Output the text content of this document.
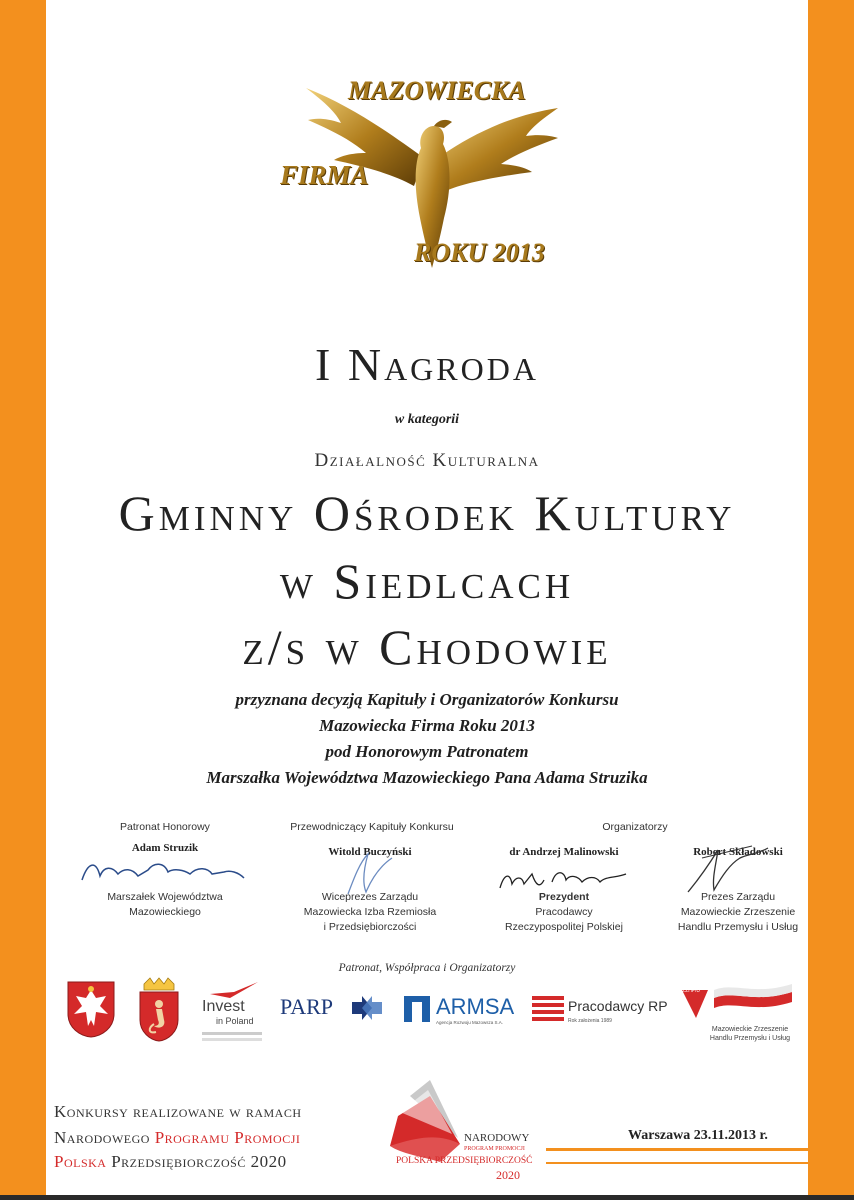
MAZOWIECKA
FIRMA
ROKU 2013
I Nagroda
w kategorii
Działalność Kulturalna
Gminny Ośrodek Kultury
w Siedlcach
z/s w Chodowie
przyznana decyzją Kapituły i Organizatorów Konkursu
Mazowiecka Firma Roku 2013
pod Honorowym Patronatem
Marszałka Województwa Mazowieckiego Pana Adama Struzika
Patronat Honorowy	Przewodniczący Kapituły Konkursu	Organizatorzy
Adam Struzik
Marszałek Województwa
Mazowieckiego
Witold Buczyński
Wiceprezes Zarządu
Mazowiecka Izba Rzemiosła
i Przedsiębiorczości
dr Andrzej Malinowski
Prezydent
Pracodawcy
Rzeczypospolitej Polskiej
Robert Składowski
Prezes Zarządu
Mazowieckie Zrzeszenie
Handlu Przemysłu i Usług
Patronat, Współpraca i Organizatorzy
Invest
in Poland
PARP	ARMSA
Agencja Rozwoju Mazowsza S.A.
Pracodawcy RP
Rok założenia 1989
MZZHPiU
Mazowieckie Zrzeszenie
Handlu Przemysłu i Usług
Konkursy realizowane w ramach
Narodowego Programu Promocji
Polska Przedsiębiorczość 2020
NARODOWY
PROGRAM PROMOCJI
POLSKA PRZEDSIĘBIORCZOŚĆ
2020
Warszawa 23.11.2013 r.
